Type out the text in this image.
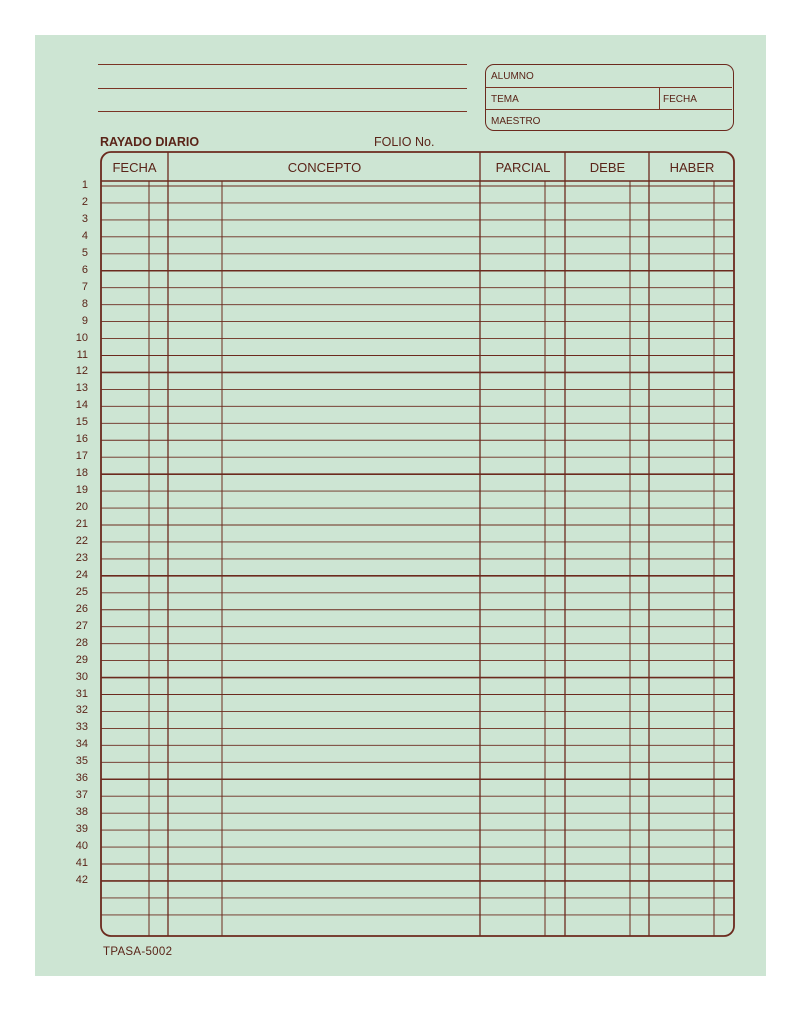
ALUMNO
TEMA	FECHA
MAESTRO
RAYADO DIARIO	FOLIO No.
FECHA	CONCEPTO	PARCIAL	DEBE	HABER
1
2
3
4
5
6
7
8
9
10
11
12
13
14
15
16
17
18
19
20
21
22
23
24
25
26
27
28
29
30
31
32
33
34
35
36
37
38
39
40
41
42
TPASA-5002
